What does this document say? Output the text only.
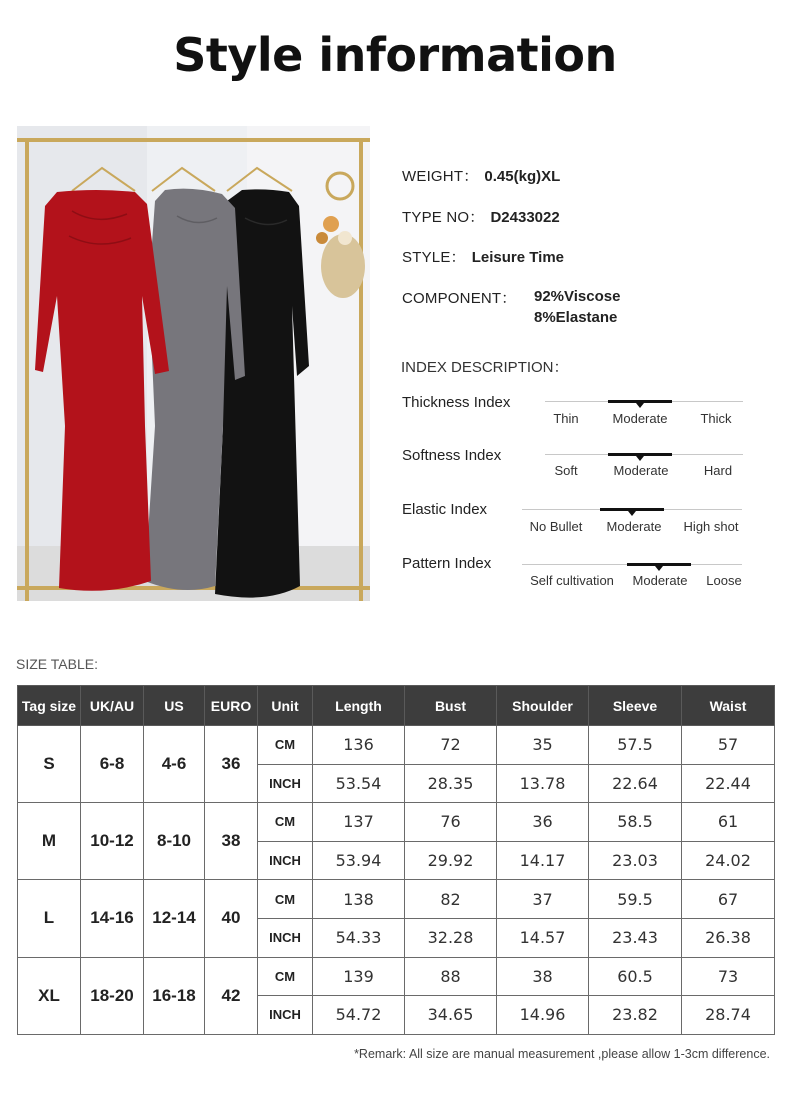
Style information
WEIGHT： 0.45(kg)XL
TYPE NO： D2433022
STYLE： Leisure Time
COMPONENT： 92%Viscose
8%Elastane
INDEX DESCRIPTION：
Thickness Index
Thin	Moderate	Thick
Softness Index
Soft	Moderate	Hard
Elastic Index
No Bullet Moderate High shot
Pattern Index
Self cultivation Moderate Loose
SIZE TABLE:
Tag size	UK/AU	US	EURO	Unit	Length	Bust	Shoulder	Sleeve	Waist
S	6-8	4-6	36	CM	136	72	35	57.5	57
				INCH	53.54	28.35	13.78	22.64	22.44
M	10-12	8-10	38	CM	137	76	36	58.5	61
				INCH	53.94	29.92	14.17	23.03	24.02
L	14-16	12-14	40	CM	138	82	37	59.5	67
				INCH	54.33	32.28	14.57	23.43	26.38
XL	18-20	16-18	42	CM	139	88	38	60.5	73
				INCH	54.72	34.65	14.96	23.82	28.74
*Remark: All size are manual measurement ,please allow 1-3cm difference.
